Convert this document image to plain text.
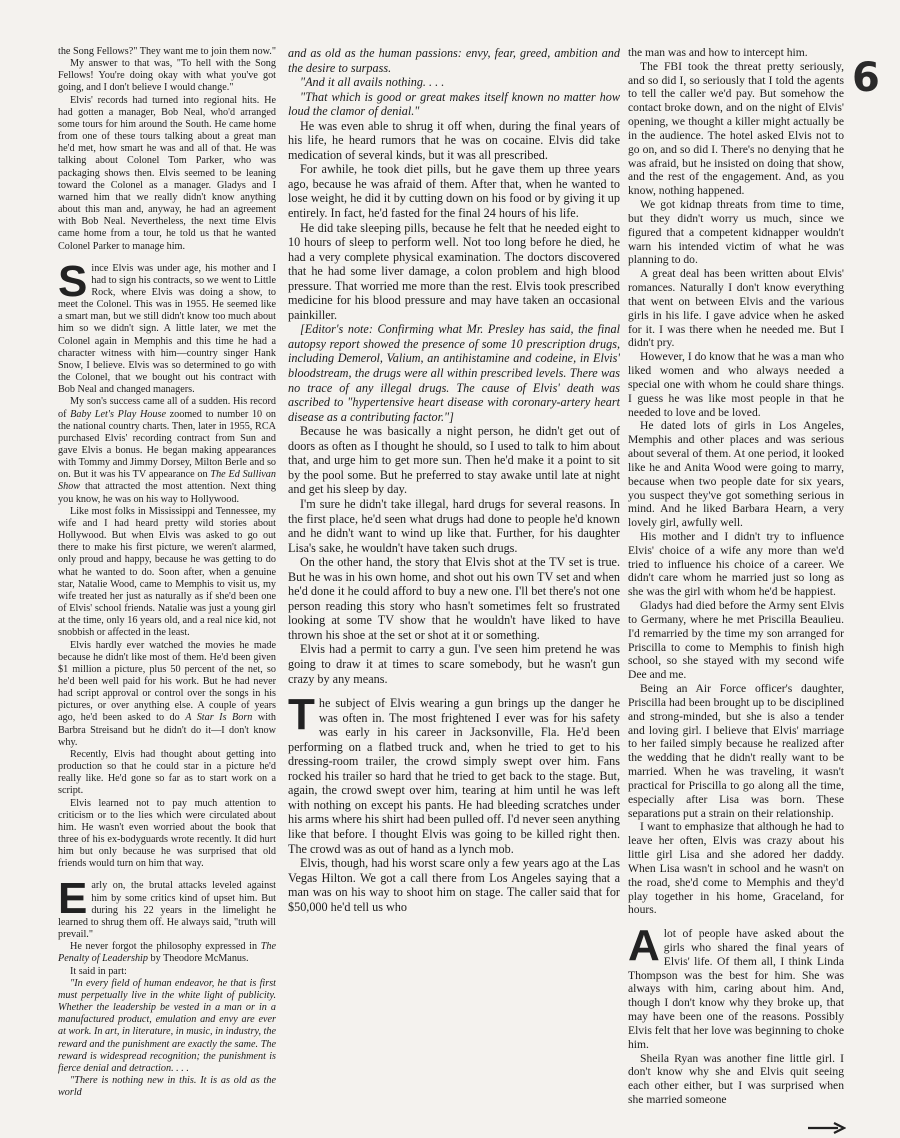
6

the Song Fellows?" They want me to join them now."

My answer to that was, "To hell with the Song Fellows! You're doing okay with what you've got going, and I don't believe I would change."

Elvis' records had turned into regional hits. He had gotten a manager, Bob Neal, who'd arranged some tours for him around the South. He came home from one of these tours talking about a great man he'd met, how smart he was and all of that. He was talking about Colonel Tom Parker, who was packaging shows then. Elvis seemed to be leaning toward the Colonel as a manager. Gladys and I warned him that we really didn't know anything about this man and, anyway, he had an agreement with Bob Neal. Nevertheless, the next time Elvis came home from a tour, he told us that he wanted Colonel Parker to manage him.

Since Elvis was under age, his mother and I had to sign his contracts, so we went to Little Rock, where Elvis was doing a show, to meet the Colonel. This was in 1955. He seemed like a smart man, but we still didn't know too much about him so we didn't sign. A little later, we met the Colonel again in Memphis and this time he had a character witness with him—country singer Hank Snow, I believe. Elvis was so determined to go with the Colonel, that we bought out his contract with Bob Neal and changed managers.

My son's success came all of a sudden. His record of Baby Let's Play House zoomed to number 10 on the national country charts. Then, later in 1955, RCA purchased Elvis' recording contract from Sun and gave Elvis a bonus. He began making appearances with Tommy and Jimmy Dorsey, Milton Berle and so on. But it was his TV appearance on The Ed Sullivan Show that attracted the most attention. Next thing you know, he was on his way to Hollywood.

Like most folks in Mississippi and Tennessee, my wife and I had heard pretty wild stories about Hollywood. But when Elvis was asked to go out there to make his first picture, we weren't alarmed, only proud and happy, because he was getting to do what he wanted to do. Soon after, when a genuine star, Natalie Wood, came to Memphis to visit us, my wife treated her just as naturally as if she'd been one of Elvis' school friends. Natalie was just a young girl at the time, only 16 years old, and a real nice kid, not snobbish or affected in the least.

Elvis hardly ever watched the movies he made because he didn't like most of them. He'd been given $1 million a picture, plus 50 percent of the net, so he'd been well paid for his work. But he had never had script approval or control over the songs in his pictures, or over anything else. A couple of years ago, he'd been asked to do A Star Is Born with Barbra Streisand but he didn't do it—I don't know why.

Recently, Elvis had thought about getting into production so that he could star in a picture he'd really like. He'd gone so far as to start work on a script.

Elvis learned not to pay much attention to criticism or to the lies which were circulated about him. He wasn't even worried about the book that three of his ex-bodyguards wrote recently. It did hurt him but only because he was surprised that old friends would turn on him that way.

Early on, the brutal attacks leveled against him by some critics kind of upset him. But during his 22 years in the limelight he learned to shrug them off. He always said, "truth will prevail."

He never forgot the philosophy expressed in The Penalty of Leadership by Theodore McManus.

It said in part:

"In every field of human endeavor, he that is first must perpetually live in the white light of publicity. Whether the leadership be vested in a man or in a manufactured product, emulation and envy are ever at work. In art, in literature, in music, in industry, the reward and the punishment are exactly the same. The reward is widespread recognition; the punishment is fierce denial and detraction. . . .

"There is nothing new in this. It is as old as the world

and as old as the human passions: envy, fear, greed, ambition and the desire to surpass.

"And it all avails nothing. . . .

"That which is good or great makes itself known no matter how loud the clamor of denial."

He was even able to shrug it off when, during the final years of his life, he heard rumors that he was on cocaine. Elvis did take medication of several kinds, but it was all prescribed.

For awhile, he took diet pills, but he gave them up three years ago, because he was afraid of them. After that, when he wanted to lose weight, he did it by cutting down on his food or by giving it up entirely. In fact, he'd fasted for the final 24 hours of his life.

He did take sleeping pills, because he felt that he needed eight to 10 hours of sleep to perform well. Not too long before he died, he had a very complete physical examination. The doctors discovered that he had some liver damage, a colon problem and high blood pressure. That worried me more than the rest. Elvis took prescribed medicine for his blood pressure and may have taken an occasional painkiller.

[Editor's note: Confirming what Mr. Presley has said, the final autopsy report showed the presence of some 10 prescription drugs, including Demerol, Valium, an antihistamine and codeine, in Elvis' bloodstream, the drugs were all within prescribed levels. There was no trace of any illegal drugs. The cause of Elvis' death was ascribed to "hypertensive heart disease with coronary-artery heart disease as a contributing factor."]

Because he was basically a night person, he didn't get out of doors as often as I thought he should, so I used to talk to him about that, and urge him to get more sun. Then he'd make it a point to sit by the pool some. But he preferred to stay awake until late at night and get his sleep by day.

I'm sure he didn't take illegal, hard drugs for several reasons. In the first place, he'd seen what drugs had done to people he'd known and he didn't want to wind up like that. Further, for his daughter Lisa's sake, he wouldn't have taken such drugs.

On the other hand, the story that Elvis shot at the TV set is true. But he was in his own home, and shot out his own TV set and when he'd done it he could afford to buy a new one. I'll bet there's not one person reading this story who hasn't sometimes felt so frustrated looking at some TV show that he wouldn't have liked to have thrown his shoe at the set or shot at it or something.

Elvis had a permit to carry a gun. I've seen him pretend he was going to draw it at times to scare somebody, but he wasn't gun crazy by any means.

The subject of Elvis wearing a gun brings up the danger he was often in. The most frightened I ever was for his safety was early in his career in Jacksonville, Fla. He'd been performing on a flatbed truck and, when he tried to get to his dressing-room trailer, the crowd simply swept over him. Fans rocked his trailer so hard that he tried to get back to the stage. But, again, the crowd swept over him, tearing at him until he was left with nothing on except his pants. He had bleeding scratches under his arms where his shirt had been pulled off. I'd never seen anything like that before. I thought Elvis was going to be killed right then. The crowd was as out of hand as a lynch mob.

Elvis, though, had his worst scare only a few years ago at the Las Vegas Hilton. We got a call there from Los Angeles saying that a man was on his way to shoot him on stage. The caller said that for $50,000 he'd tell us who

the man was and how to intercept him.

The FBI took the threat pretty seriously, and so did I, so seriously that I told the agents to tell the caller we'd pay. But somehow the contact broke down, and on the night of Elvis' opening, we thought a killer might actually be in the audience. The hotel asked Elvis not to go on, and so did I. There's no denying that he was afraid, but he insisted on doing that show, and the rest of the engagement. And, as you know, nothing happened.

We got kidnap threats from time to time, but they didn't worry us much, since we figured that a competent kidnapper wouldn't warn his intended victim of what he was planning to do.

A great deal has been written about Elvis' romances. Naturally I don't know everything that went on between Elvis and the various girls in his life. I gave advice when he asked for it. I was there when he needed me. But I didn't pry.

However, I do know that he was a man who liked women and who always needed a special one with whom he could share things. I guess he was like most people in that he needed to love and be loved.

He dated lots of girls in Los Angeles, Memphis and other places and was serious about several of them. At one period, it looked like he and Anita Wood were going to marry, because when two people date for six years, you suspect they've got something serious in mind. And he liked Barbara Hearn, a very lovely girl, awfully well.

His mother and I didn't try to influence Elvis' choice of a wife any more than we'd tried to influence his choice of a career. We didn't care whom he married just so long as she was the girl with whom he'd be happiest.

Gladys had died before the Army sent Elvis to Germany, where he met Priscilla Beaulieu. I'd remarried by the time my son arranged for Priscilla to come to Memphis to finish high school, so she stayed with my second wife Dee and me.

Being an Air Force officer's daughter, Priscilla had been brought up to be disciplined and strong-minded, but she is also a tender and loving girl. I believe that Elvis' marriage to her failed simply because he realized after the wedding that he didn't really want to be married. When he was traveling, it wasn't practical for Priscilla to go along all the time, especially after Lisa was born. These separations put a strain on their relationship.

I want to emphasize that although he had to leave her often, Elvis was crazy about his little girl Lisa and she adored her daddy. When Lisa wasn't in school and he wasn't on the road, she'd come to Memphis and they'd play together in his home, Graceland, for hours.

A lot of people have asked about the girls who shared the final years of Elvis' life. Of them all, I think Linda Thompson was the best for him. She was always with him, caring about him. And, though I don't know why they broke up, that may have been one of the reasons. Possibly Elvis felt that her love was beginning to choke him.

Sheila Ryan was another fine little girl. I don't know why she and Elvis quit seeing each other either, but I was surprised when she married someone
